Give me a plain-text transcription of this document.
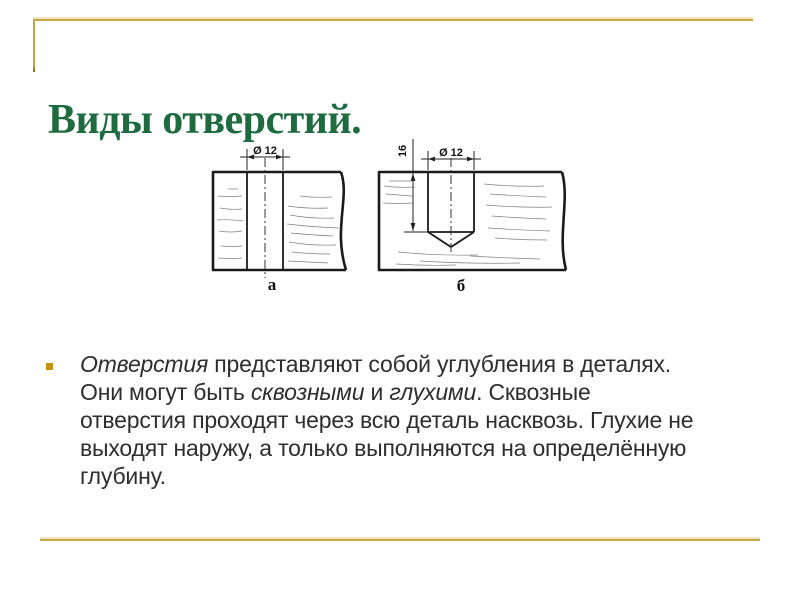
Виды отверстий.
Ø 12
а
Ø 12
16
б
Отверстия представляют собой углубления в деталях.
Они могут быть сквозными и глухими. Сквозные
отверстия проходят через всю деталь насквозь. Глухие не
выходят наружу, а только выполняются на определённую
глубину.
